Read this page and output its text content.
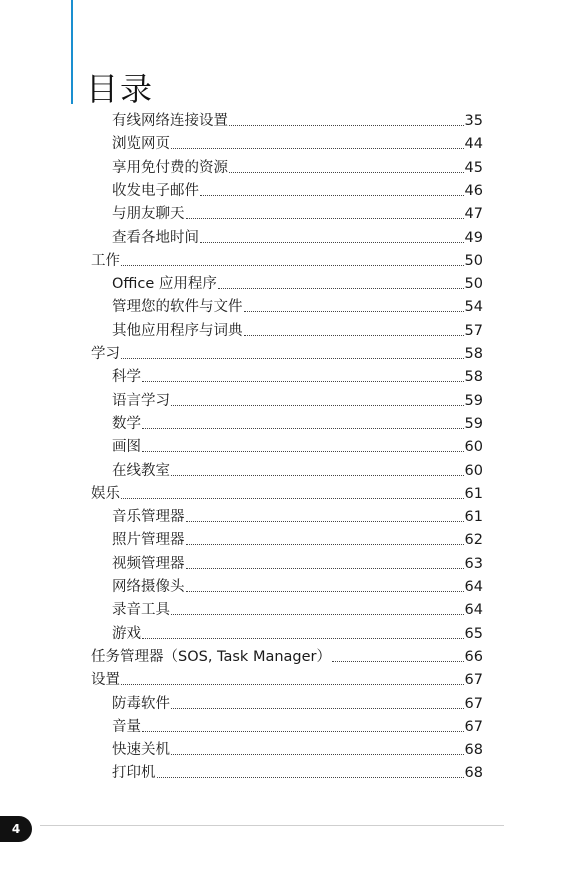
目录
有线网络连接设置	35
浏览网页	44
享用免付费的资源	45
收发电子邮件	46
与朋友聊天	47
查看各地时间	49
工作	50
Office 应用程序	50
管理您的软件与文件	54
其他应用程序与词典	57
学习	58
科学	58
语言学习	59
数学	59
画图	60
在线教室	60
娱乐	61
音乐管理器	61
照片管理器	62
视频管理器	63
网络摄像头	64
录音工具	64
游戏	65
任务管理器（SOS, Task Manager）	66
设置	67
防毒软件	67
音量	67
快速关机	68
打印机	68
4
